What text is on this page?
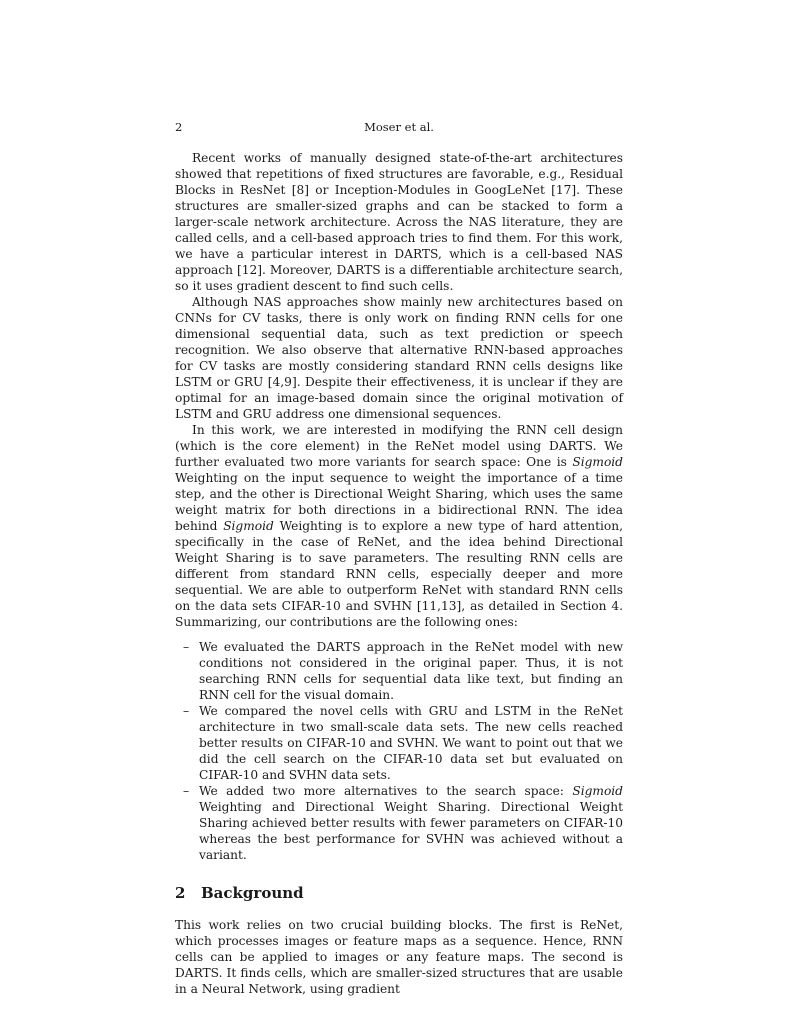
2	Moser et al.

Recent works of manually designed state-of-the-art architectures showed that repetitions of fixed structures are favorable, e.g., Residual Blocks in ResNet [8] or Inception-Modules in GoogLeNet [17]. These structures are smaller-sized graphs and can be stacked to form a larger-scale network architecture. Across the NAS literature, they are called cells, and a cell-based approach tries to find them. For this work, we have a particular interest in DARTS, which is a cell-based NAS approach [12]. Moreover, DARTS is a differentiable architecture search, so it uses gradient descent to find such cells.

Although NAS approaches show mainly new architectures based on CNNs for CV tasks, there is only work on finding RNN cells for one dimensional sequential data, such as text prediction or speech recognition. We also observe that alternative RNN-based approaches for CV tasks are mostly considering standard RNN cells designs like LSTM or GRU [4,9]. Despite their effectiveness, it is unclear if they are optimal for an image-based domain since the original motivation of LSTM and GRU address one dimensional sequences.

In this work, we are interested in modifying the RNN cell design (which is the core element) in the ReNet model using DARTS. We further evaluated two more variants for search space: One is Sigmoid Weighting on the input sequence to weight the importance of a time step, and the other is Directional Weight Sharing, which uses the same weight matrix for both directions in a bidirectional RNN. The idea behind Sigmoid Weighting is to explore a new type of hard attention, specifically in the case of ReNet, and the idea behind Directional Weight Sharing is to save parameters. The resulting RNN cells are different from standard RNN cells, especially deeper and more sequential. We are able to outperform ReNet with standard RNN cells on the data sets CIFAR-10 and SVHN [11,13], as detailed in Section 4. Summarizing, our contributions are the following ones:

– We evaluated the DARTS approach in the ReNet model with new conditions not considered in the original paper. Thus, it is not searching RNN cells for sequential data like text, but finding an RNN cell for the visual domain.
– We compared the novel cells with GRU and LSTM in the ReNet architecture in two small-scale data sets. The new cells reached better results on CIFAR-10 and SVHN. We want to point out that we did the cell search on the CIFAR-10 data set but evaluated on CIFAR-10 and SVHN data sets.
– We added two more alternatives to the search space: Sigmoid Weighting and Directional Weight Sharing. Directional Weight Sharing achieved better results with fewer parameters on CIFAR-10 whereas the best performance for SVHN was achieved without a variant.
2 Background

This work relies on two crucial building blocks. The first is ReNet, which processes images or feature maps as a sequence. Hence, RNN cells can be applied to images or any feature maps. The second is DARTS. It finds cells, which are smaller-sized structures that are usable in a Neural Network, using gradient
